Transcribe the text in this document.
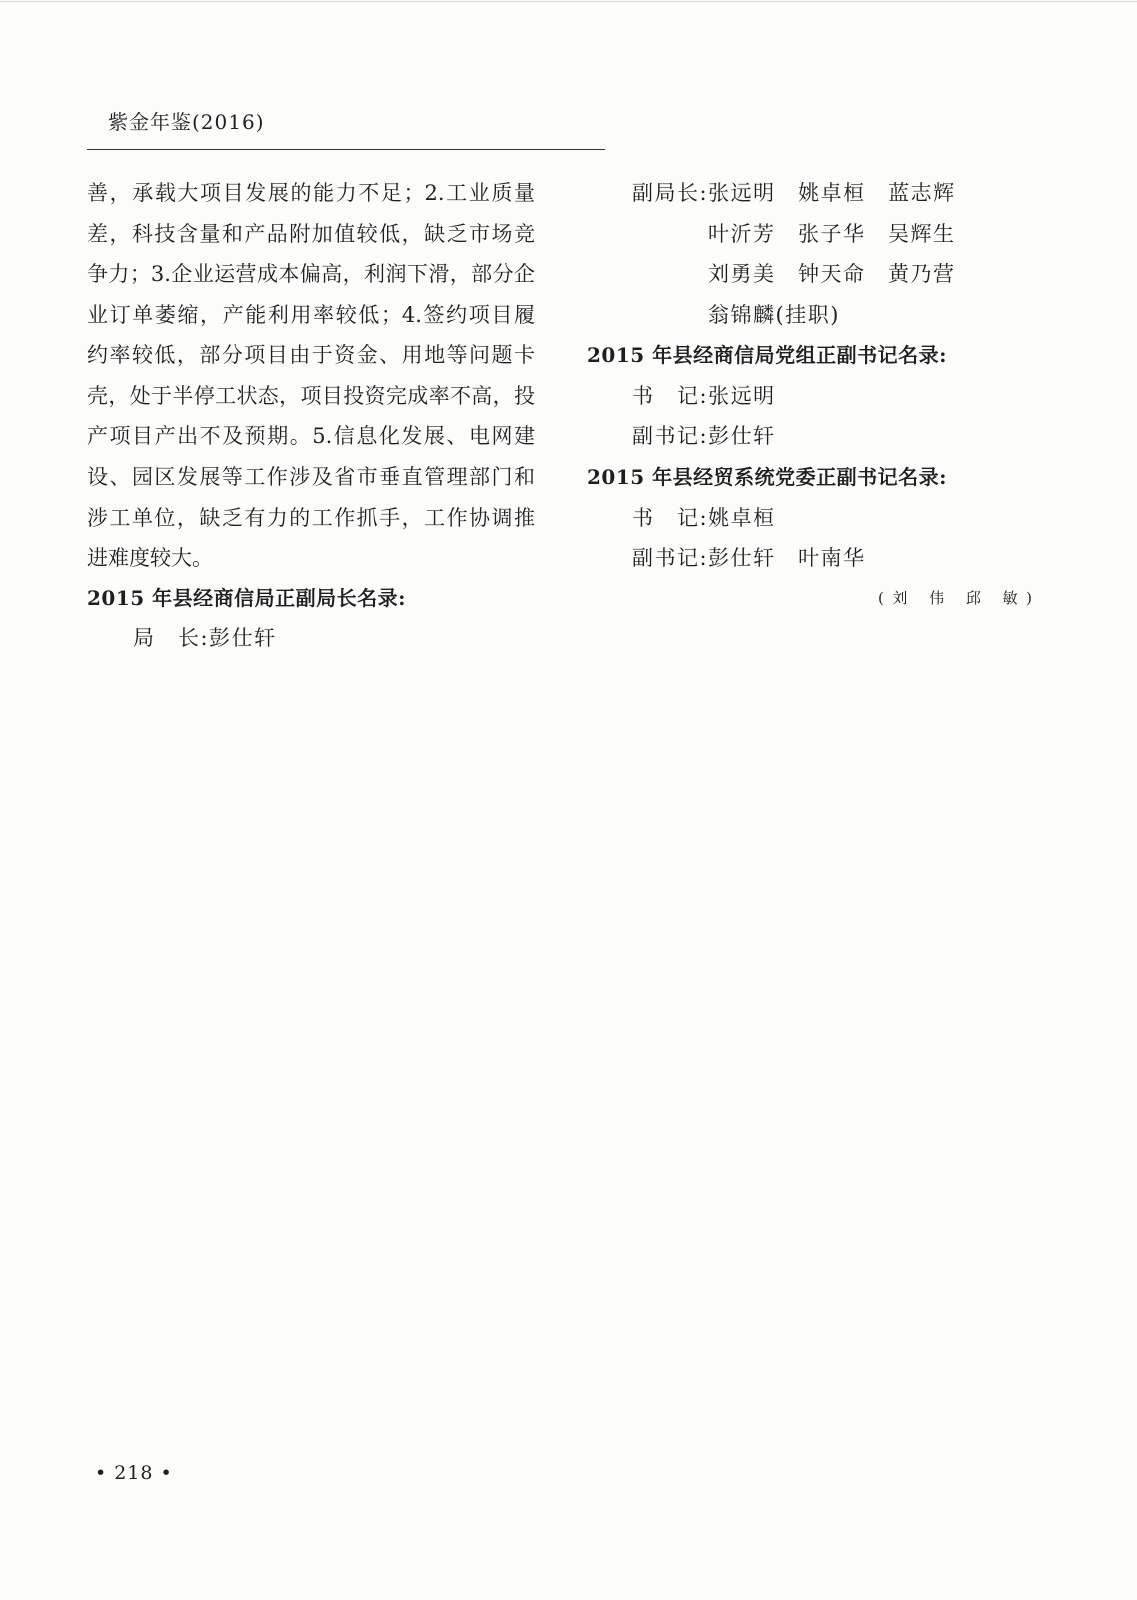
紫金年鉴(2016)
善，承载大项目发展的能力不足；2.工业质量
差，科技含量和产品附加值较低，缺乏市场竞
争力；3.企业运营成本偏高，利润下滑，部分企
业订单萎缩，产能利用率较低；4.签约项目履
约率较低，部分项目由于资金、用地等问题卡
壳，处于半停工状态，项目投资完成率不高，投
产项目产出不及预期。5.信息化发展、电网建
设、园区发展等工作涉及省市垂直管理部门和
涉工单位，缺乏有力的工作抓手，工作协调推
进难度较大。
2015 年县经商信局正副局长名录:
局　长:彭仕轩
副局长:张远明　姚卓桓　蓝志辉
叶沂芳　张子华　吴辉生
刘勇美　钟天命　黄乃营
翁锦麟(挂职)
2015 年县经商信局党组正副书记名录:
书　记:张远明
副书记:彭仕轩
2015 年县经贸系统党委正副书记名录:
书　记:姚卓桓
副书记:彭仕轩　叶南华
(刘 伟 邱 敏)
• 218 •
